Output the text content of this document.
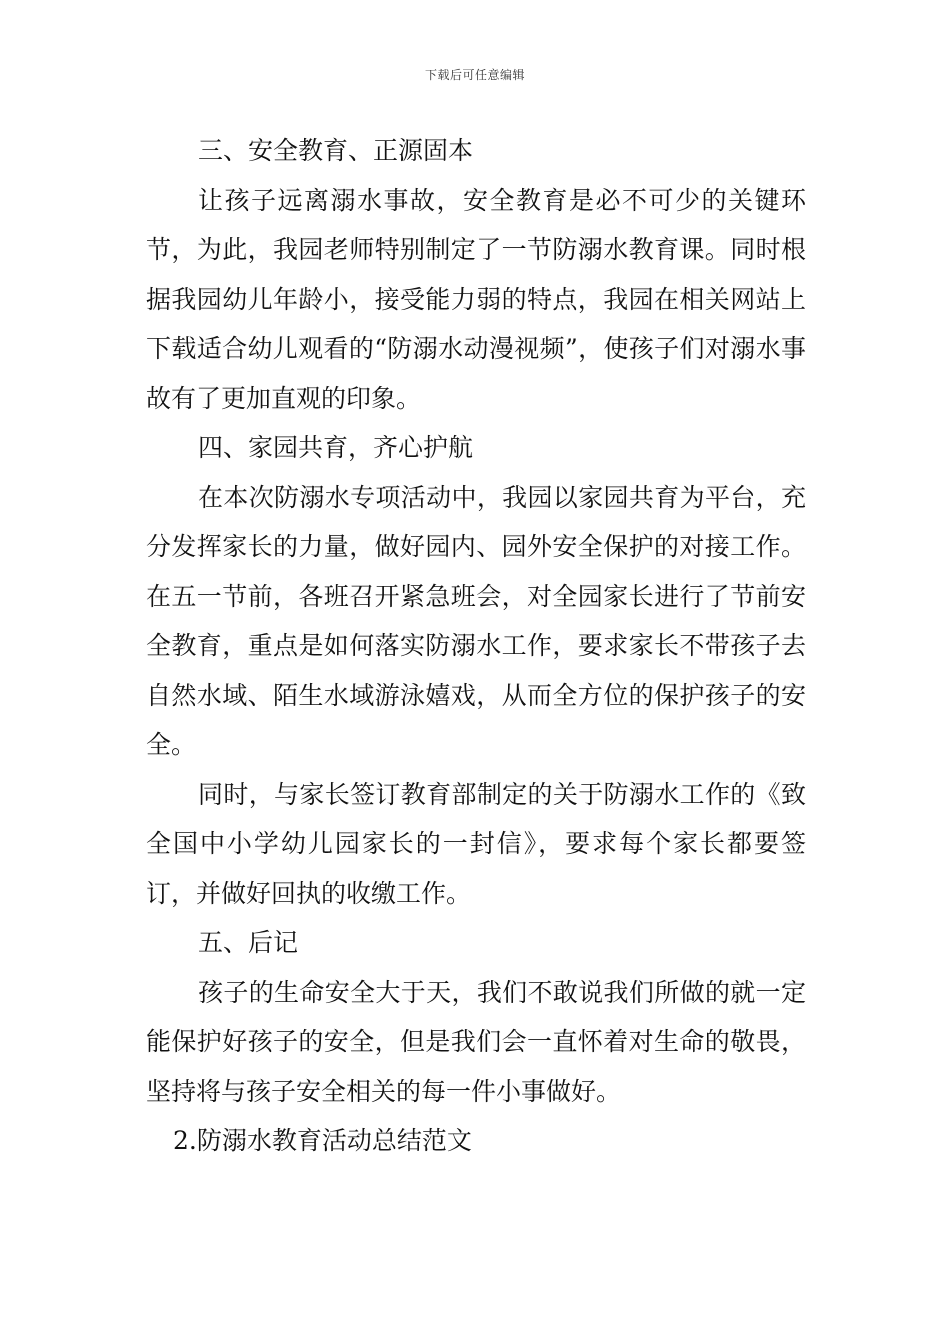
下载后可任意编辑

三、安全教育、正源固本

让孩子远离溺水事故，安全教育是必不可少的关键环节，为此，我园老师特别制定了一节防溺水教育课。同时根据我园幼儿年龄小，接受能力弱的特点，我园在相关网站上下载适合幼儿观看的“防溺水动漫视频”，使孩子们对溺水事故有了更加直观的印象。

四、家园共育，齐心护航

在本次防溺水专项活动中，我园以家园共育为平台，充分发挥家长的力量，做好园内、园外安全保护的对接工作。在五一节前，各班召开紧急班会，对全园家长进行了节前安全教育，重点是如何落实防溺水工作，要求家长不带孩子去自然水域、陌生水域游泳嬉戏，从而全方位的保护孩子的安全。

同时，与家长签订教育部制定的关于防溺水工作的《致全国中小学幼儿园家长的一封信》，要求每个家长都要签订，并做好回执的收缴工作。

五、后记

孩子的生命安全大于天，我们不敢说我们所做的就一定能保护好孩子的安全，但是我们会一直怀着对生命的敬畏，坚持将与孩子安全相关的每一件小事做好。

2.防溺水教育活动总结范文
